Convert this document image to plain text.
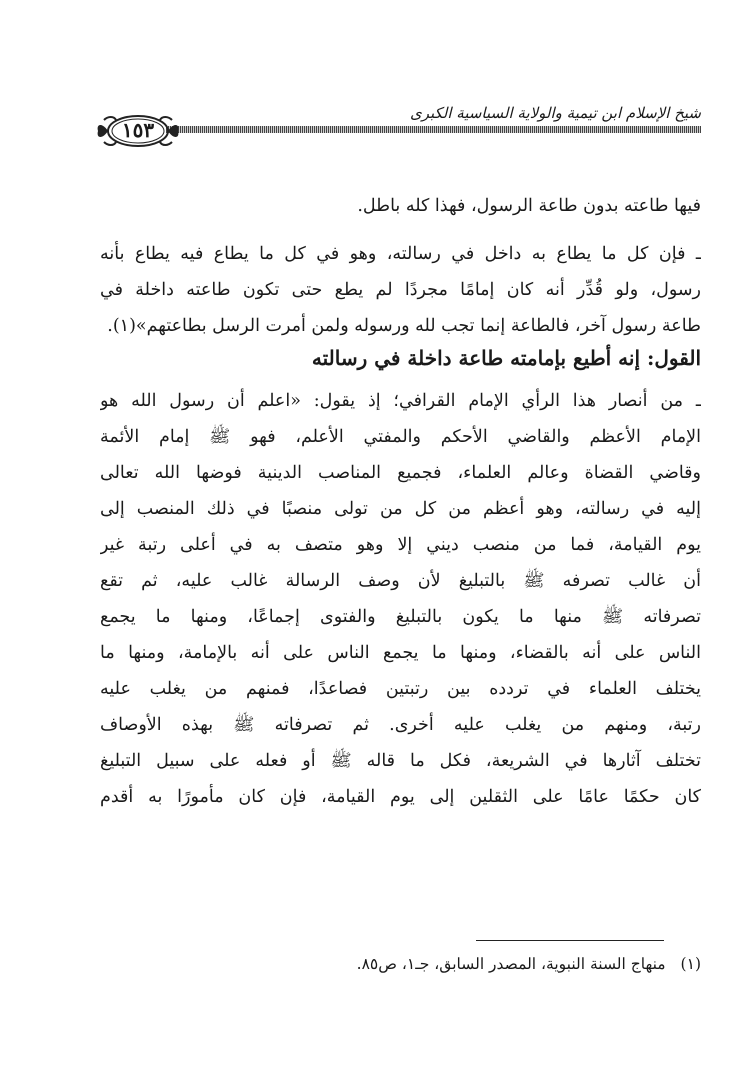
شيخ الإسلام ابن تيمية والولاية السياسية الكبرى
١٥٣
فيها طاعته بدون طاعة الرسول، فهذا كله باطل.
ـ فإن كل ما يطاع به داخل في رسالته، وهو في كل ما يطاع فيه يطاع بأنه
رسول، ولو قُدِّر أنه كان إمامًا مجردًا لم يطع حتى تكون طاعته داخلة في
طاعة رسول آخر، فالطاعة إنما تجب لله ورسوله ولمن أمرت الرسل بطاعتهم»(١).
القول: إنه أطيع بإمامته طاعة داخلة في رسالته
ـ من أنصار هذا الرأي الإمام القرافي؛ إذ يقول: «اعلم أن رسول الله هو
الإمام الأعظم والقاضي الأحكم والمفتي الأعلم، فهو ﷺ إمام الأئمة
وقاضي القضاة وعالم العلماء، فجميع المناصب الدينية فوضها الله تعالى
إليه في رسالته، وهو أعظم من كل من تولى منصبًا في ذلك المنصب إلى
يوم القيامة، فما من منصب ديني إلا وهو متصف به في أعلى رتبة غير
أن غالب تصرفه ﷺ بالتبليغ لأن وصف الرسالة غالب عليه، ثم تقع
تصرفاته ﷺ منها ما يكون بالتبليغ والفتوى إجماعًا، ومنها ما يجمع
الناس على أنه بالقضاء، ومنها ما يجمع الناس على أنه بالإمامة، ومنها ما
يختلف العلماء في تردده بين رتبتين فصاعدًا، فمنهم من يغلب عليه
رتبة، ومنهم من يغلب عليه أخرى. ثم تصرفاته ﷺ بهذه الأوصاف
تختلف آثارها في الشريعة، فكل ما قاله ﷺ أو فعله على سبيل التبليغ
كان حكمًا عامًا على الثقلين إلى يوم القيامة، فإن كان مأمورًا به أقدم
(١) منهاج السنة النبوية، المصدر السابق، جـ١، ص٨٥.
